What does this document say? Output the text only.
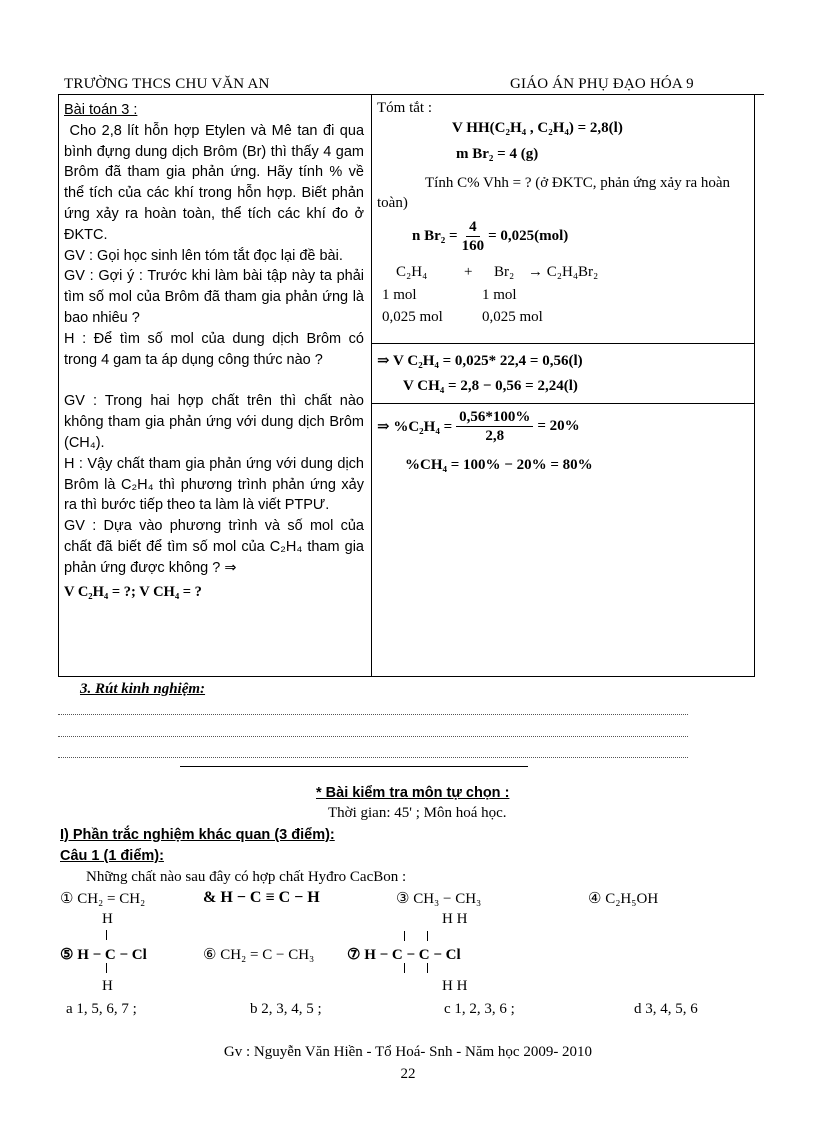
TRƯỜNG THCS CHU VĂN AN	GIÁO ÁN PHỤ ĐẠO HÓA 9

Bài toán 3 :

Cho 2,8 lít hỗn hợp Etylen và Mê tan đi qua bình đựng dung dịch Brôm (Br) thì thấy 4 gam Brôm đã tham gia phản ứng. Hãy tính % về thể tích của các khí trong hỗn hợp. Biết phản ứng xảy ra hoàn toàn, thể tích các khí đo ở ĐKTC.

GV : Gọi học sinh lên tóm tắt đọc lại đề bài.

GV : Gợi ý : Trước khi làm bài tập này ta phải tìm số mol của Brôm đã tham gia phản ứng là bao nhiêu ?

H : Để tìm số mol của dung dịch Brôm có trong 4 gam ta áp dụng công thức nào ?

GV : Trong hai hợp chất trên thì chất nào không tham gia phản ứng với dung dịch Brôm (CH₄).

H : Vậy chất tham gia phản ứng với dung dịch Brôm là C₂H₄ thì phương trình phản ứng xảy ra thì bước tiếp theo ta làm là viết PTPƯ.

GV : Dựa vào phương trình và số mol của chất đã biết để tìm số mol của C₂H₄ tham gia phản ứng được không ? ⇒

V C₂H₄ = ?; V CH₄ = ?

Tóm tắt :
V HH(C₂H₄ , C₂H₄) = 2,8(l)
m Br₂ = 4 (g)
Tính C% Vhh = ? (ở ĐKTC, phản ứng xảy ra hoàn toàn)
n $Br_2 = \frac{4}{160} = 0,025(mol)$
C₂H₄ + Br₂ → C₂H₄Br₂
1 mol	1 mol
0,025 mol	0,025 mol
⇒ V C₂H₄ = 0,025* 22,4 = 0,56(l)
V CH₄ = 2,8 − 0,56 = 2,24(l)
⇒ $\%C_2H_4 = \frac{0,56*100\%}{2,8} = 20\%$
%CH₄ = 100% − 20% = 80%
3. Rút kinh nghiệm:
* Bài kiểm tra môn tự chọn :
Thời gian: 45' ; Môn hoá học.
I) Phần trắc nghiệm khác quan (3 điểm):
Câu 1 (1 điểm):
Những chất nào sau đây có hợp chất Hyđro CacBon :
① CH₂ = CH₂	& H − C ≡ C − H	③ CH₃ − CH₃	④ C₂H₅OH
H	H H
⑤ H − C − Cl	⑥ CH₂ = C − CH₃ ⑦ H − C − C − Cl
H	H H
a 1, 5, 6, 7 ;	b 2, 3, 4, 5 ;	c 1, 2, 3, 6 ;	d 3, 4, 5, 6
Gv : Nguyễn Văn Hiền - Tổ Hoá- Snh - Năm học 2009- 2010
22
